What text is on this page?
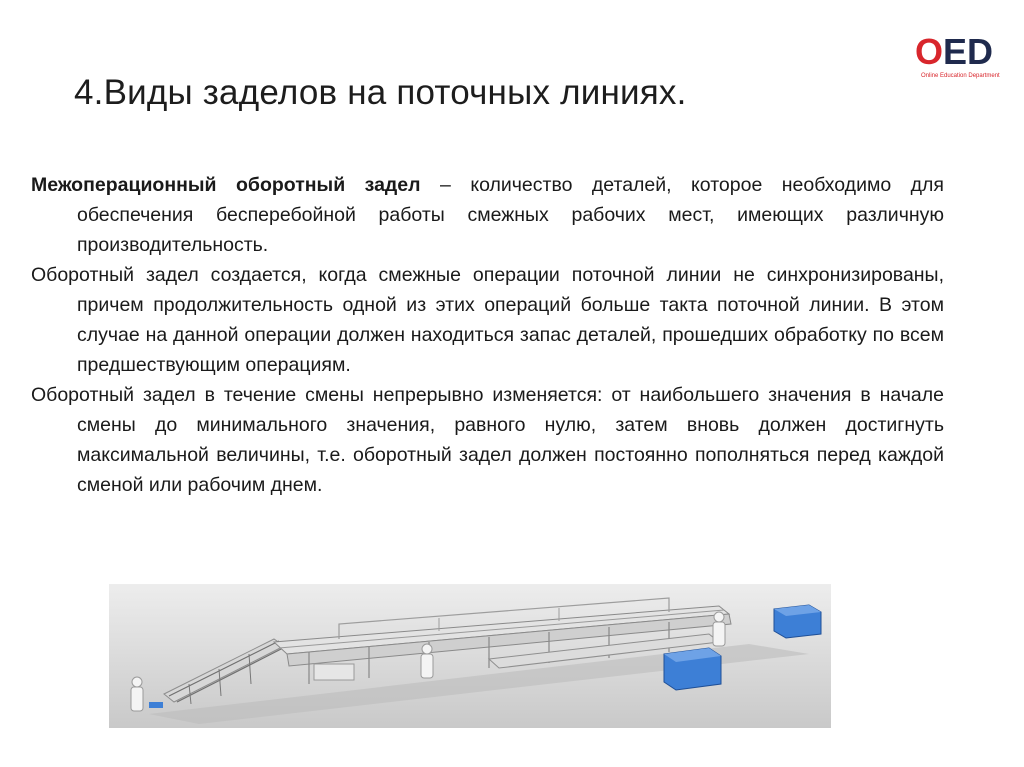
4.Виды заделов на поточных линиях.
OED
Online Education Department

Межоперационный оборотный задел – количество деталей, которое необходимо для обеспечения бесперебойной работы смежных рабочих мест, имеющих различную производительность.

Оборотный задел создается, когда смежные операции поточной линии не синхронизированы, причем продолжительность одной из этих операций больше такта поточной линии. В этом случае на данной операции должен находиться запас деталей, прошедших обработку по всем предшествующим операциям.

Оборотный задел в течение смены непрерывно изменяется: от наибольшего значения в начале смены до минимального значения, равного нулю, затем вновь должен достигнуть максимальной величины, т.е. оборотный задел должен постоянно пополняться перед каждой сменой или рабочим днем.
